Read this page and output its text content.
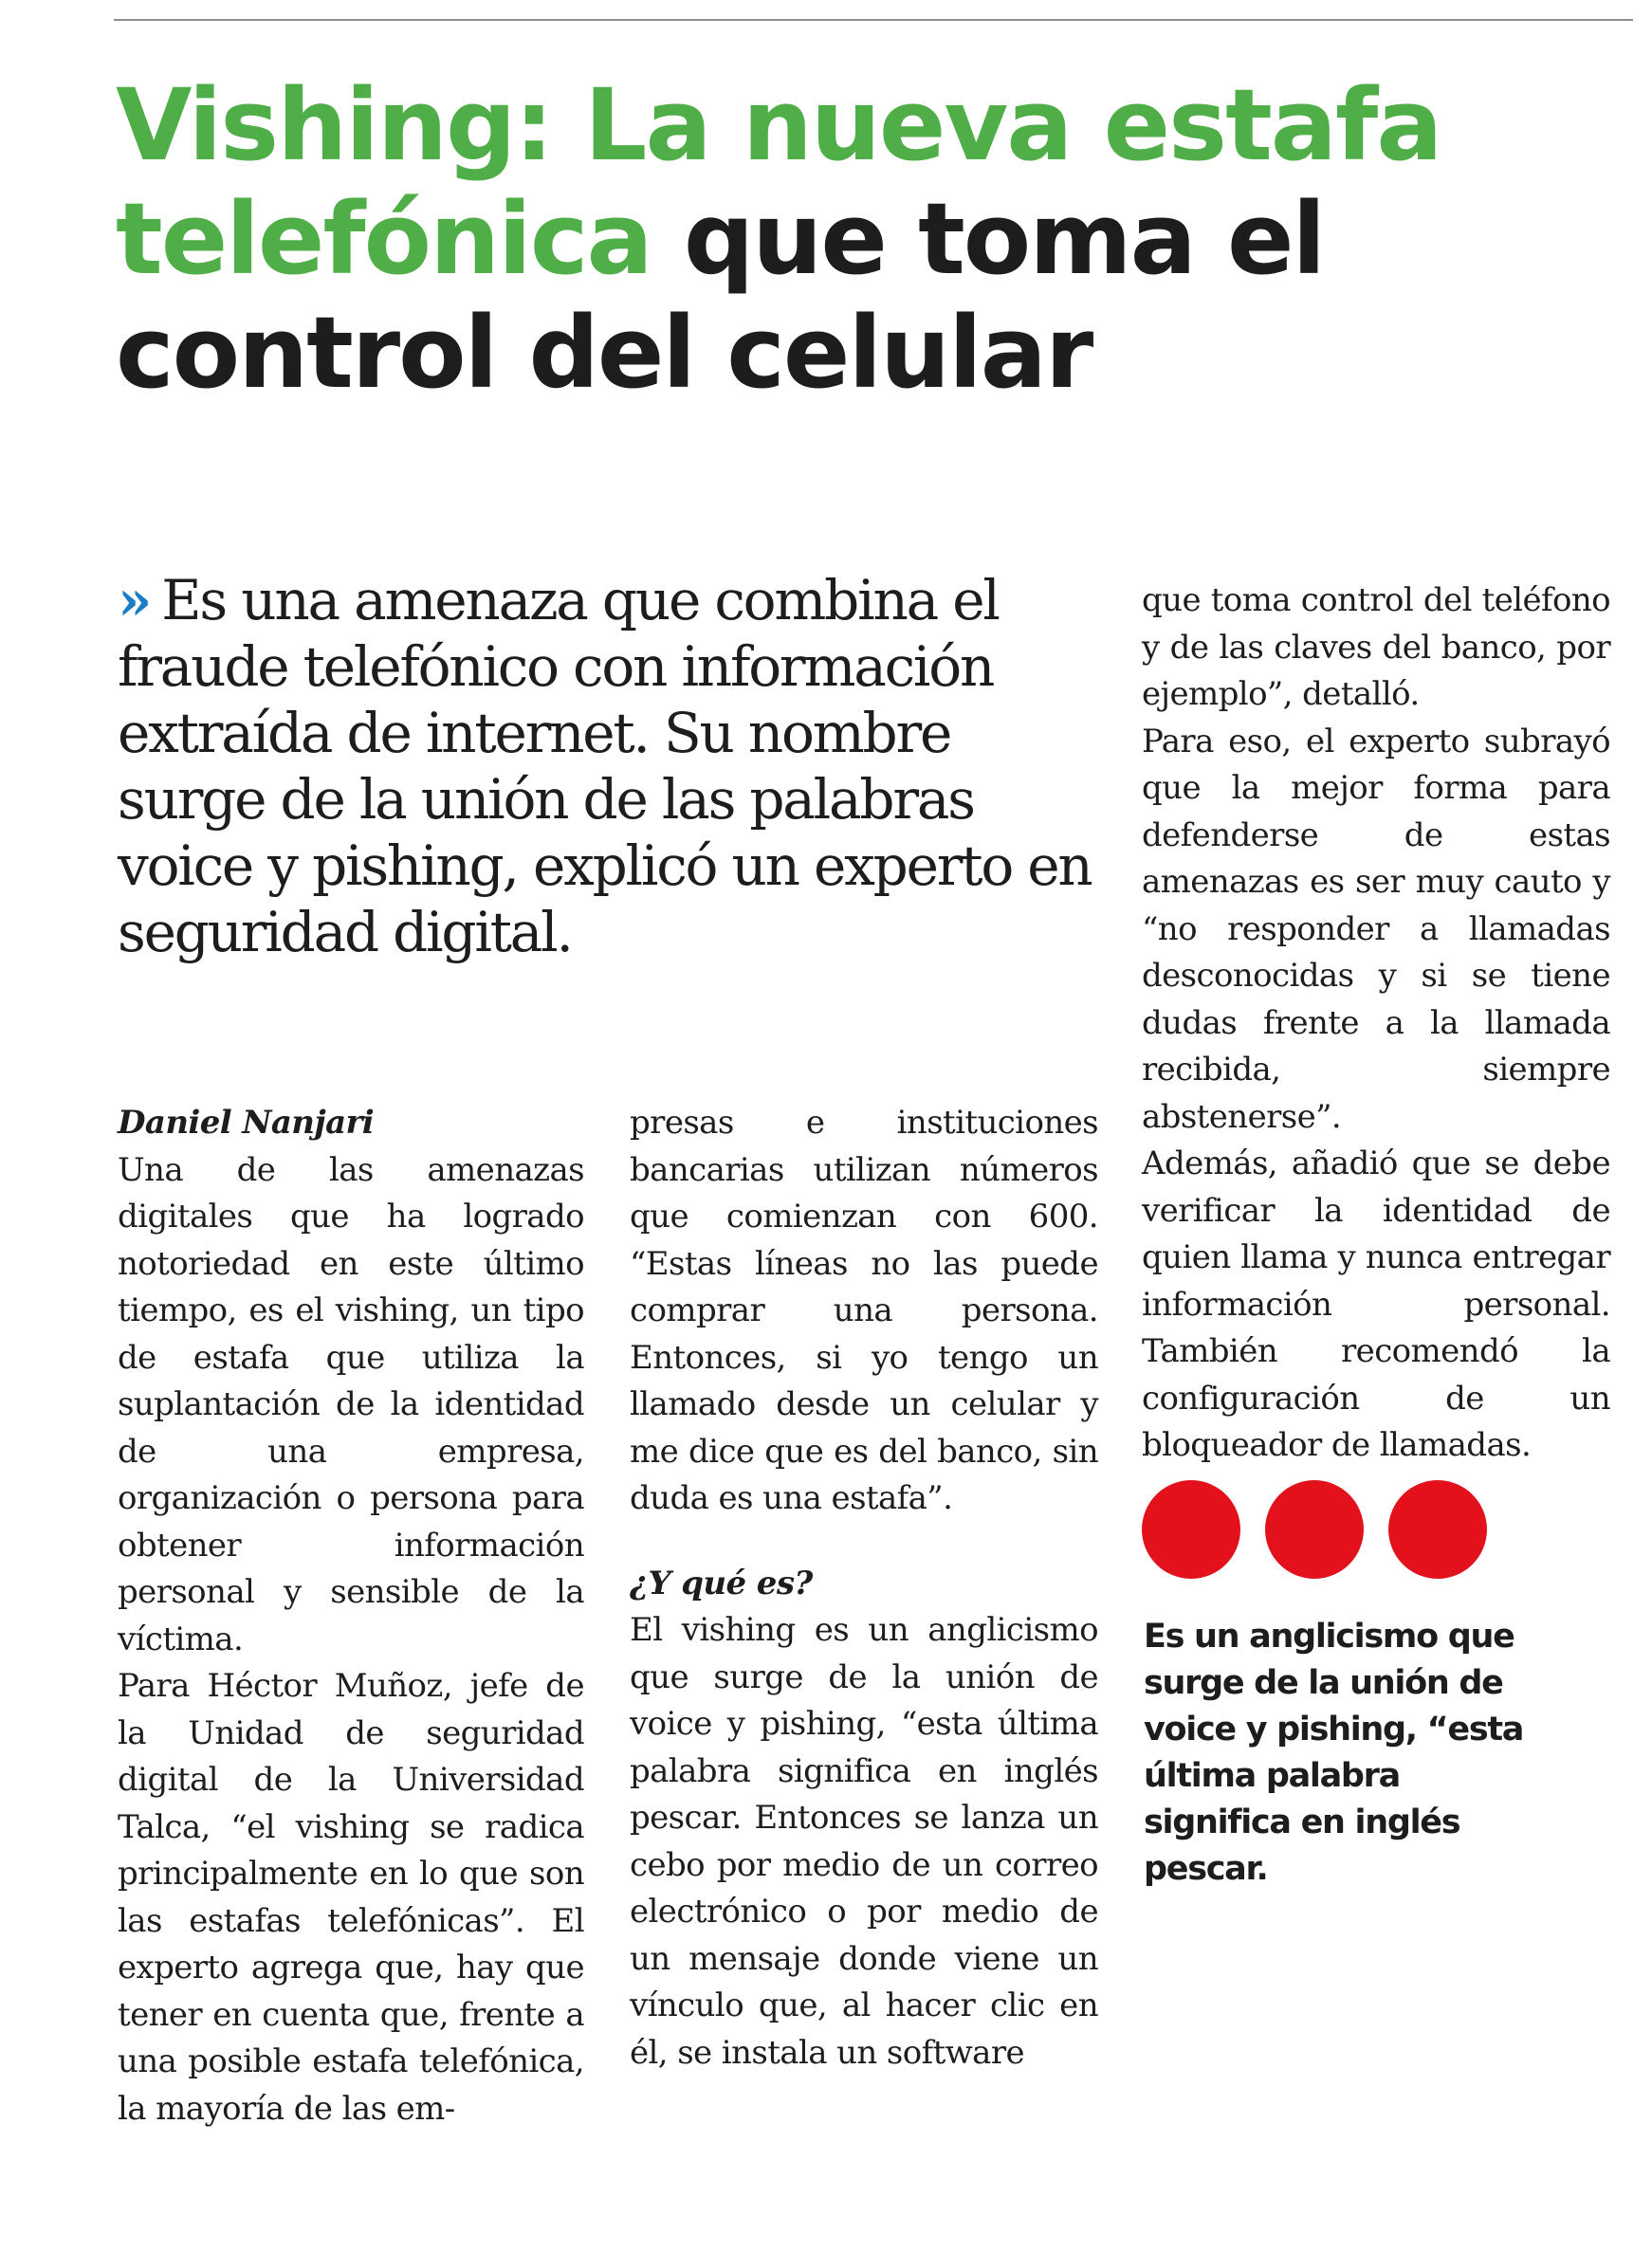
Vishing: La nueva estafa telefónica que toma el control del celular

» Es una amenaza que combina el fraude telefónico con información extraída de internet. Su nombre surge de la unión de las palabras voice y pishing, explicó un experto en seguridad digital.

Daniel Nanjari

Una de las amenazas digitales que ha logrado notoriedad en este último tiempo, es el vishing, un tipo de estafa que utiliza la suplantación de la identidad de una empresa, organización o persona para obtener información personal y sensible de la víctima.

Para Héctor Muñoz, jefe de la Unidad de seguridad digital de la Universidad Talca, “el vishing se radica principalmente en lo que son las estafas telefónicas”. El experto agrega que, hay que tener en cuenta que, frente a una posible estafa telefónica, la mayoría de las em-

presas e instituciones bancarias utilizan números que comienzan con 600. “Estas líneas no las puede comprar una persona. Entonces, si yo tengo un llamado desde un celular y me dice que es del banco, sin duda es una estafa”.

¿Y qué es?

El vishing es un anglicismo que surge de la unión de voice y pishing, “esta última palabra significa en inglés pescar. Entonces se lanza un cebo por medio de un correo electrónico o por medio de un mensaje donde viene un vínculo que, al hacer clic en él, se instala un software

que toma control del teléfono y de las claves del banco, por ejemplo”, detalló.

Para eso, el experto subrayó que la mejor forma para defenderse de estas amenazas es ser muy cauto y “no responder a llamadas desconocidas y si se tiene dudas frente a la llamada recibida, siempre abstenerse”.

Además, añadió que se debe verificar la identidad de quien llama y nunca entregar información personal. También recomendó la configuración de un bloqueador de llamadas.

Es un anglicismo que surge de la unión de voice y pishing, “esta última palabra significa en inglés pescar.
